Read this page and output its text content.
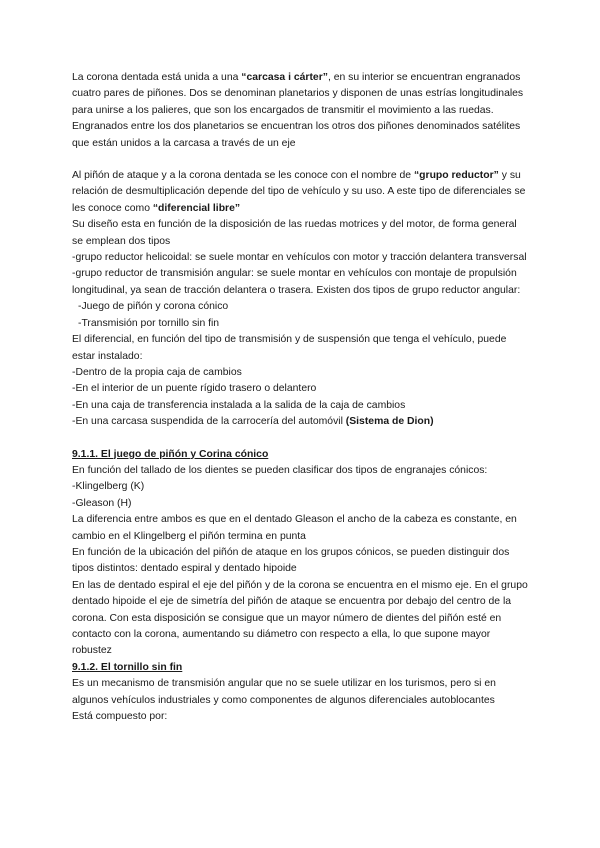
La corona dentada está unida a una “carcasa i cárter”, en su interior se encuentran engranados cuatro pares de piñones. Dos se denominan planetarios y disponen de unas estrías longitudinales para unirse a los palieres, que son los encargados de transmitir el movimiento a las ruedas. Engranados entre los dos planetarios se encuentran los otros dos piñones denominados satélites que están unidos a la carcasa a través de un eje

Al piñón de ataque y a la corona dentada se les conoce con el nombre de “grupo reductor” y su relación de desmultiplicación depende del tipo de vehículo y su uso. A este tipo de diferenciales se les conoce como “diferencial libre”

Su diseño esta en función de la disposición de las ruedas motrices y del motor, de forma general se emplean dos tipos

-grupo reductor helicoidal: se suele montar en vehículos con motor y tracción delantera transversal

-grupo reductor de transmisión angular: se suele montar en vehículos con montaje de propulsión longitudinal, ya sean de tracción delantera o trasera. Existen dos tipos de grupo reductor angular:

-Juego de piñón y corona cónico

-Transmisión por tornillo sin fin

El diferencial, en función del tipo de transmisión y de suspensión que tenga el vehículo, puede estar instalado:

-Dentro de la propia caja de cambios

-En el interior de un puente rígido trasero o delantero

-En una caja de transferencia instalada a la salida de la caja de cambios

-En una carcasa suspendida de la carrocería del automóvil (Sistema de Dion)

9.1.1. El juego de piñón y Corina cónico

En función del tallado de los dientes se pueden clasificar dos tipos de engranajes cónicos:

-Klingelberg (K)

-Gleason (H)

La diferencia entre ambos es que en el dentado Gleason el ancho de la cabeza es constante, en cambio en el Klingelberg el piñón termina en punta

En función de la ubicación del piñón de ataque en los grupos cónicos, se pueden distinguir dos tipos distintos: dentado espiral y dentado hipoide

En las de dentado espiral el eje del piñón y de la corona se encuentra en el mismo eje. En el grupo dentado hipoide el eje de simetría del piñón de ataque se encuentra por debajo del centro de la corona. Con esta disposición se consigue que un mayor número de dientes del piñón esté en contacto con la corona, aumentando su diámetro con respecto a ella, lo que supone mayor robustez

9.1.2. El tornillo sin fin

Es un mecanismo de transmisión angular que no se suele utilizar en los turismos, pero si en algunos vehículos industriales y como componentes de algunos diferenciales autoblocantes

Está compuesto por:
